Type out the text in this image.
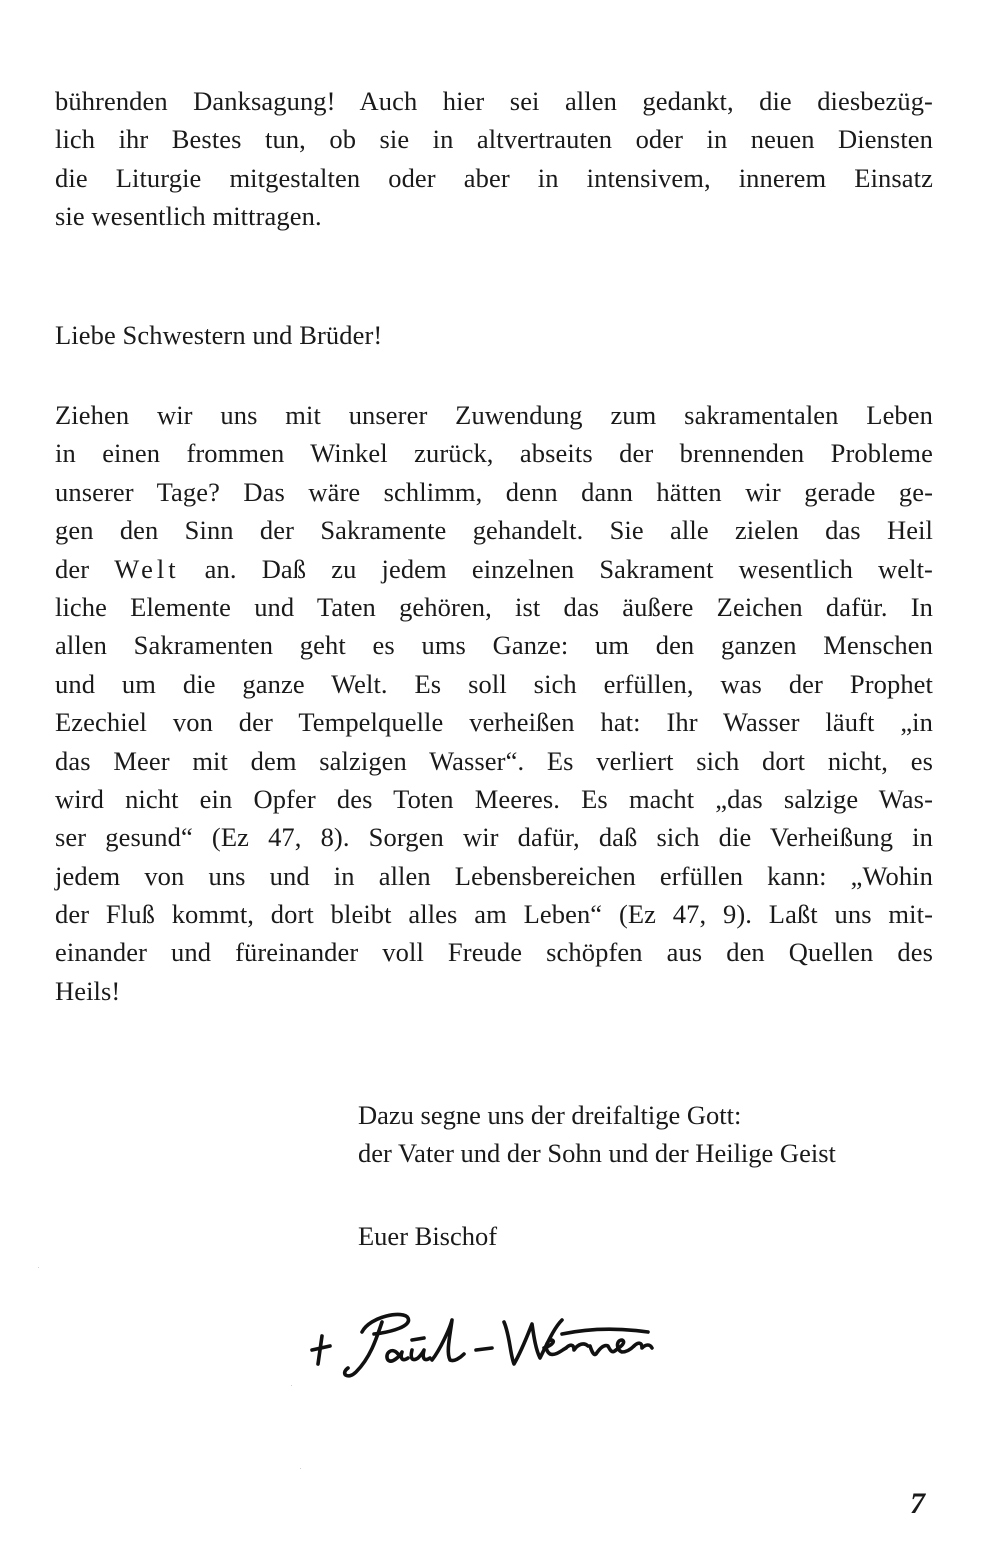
bührenden Danksagung! Auch hier sei allen gedankt, die diesbezüg-
lich ihr Bestes tun, ob sie in altvertrauten oder in neuen Diensten
die Liturgie mitgestalten oder aber in intensivem, innerem Einsatz
sie wesentlich mittragen.
Liebe Schwestern und Brüder!
Ziehen wir uns mit unserer Zuwendung zum sakramentalen Leben
in einen frommen Winkel zurück, abseits der brennenden Probleme
unserer Tage? Das wäre schlimm, denn dann hätten wir gerade ge-
gen den Sinn der Sakramente gehandelt. Sie alle zielen das Heil
der Welt an. Daß zu jedem einzelnen Sakrament wesentlich welt-
liche Elemente und Taten gehören, ist das äußere Zeichen dafür. In
allen Sakramenten geht es ums Ganze: um den ganzen Menschen
und um die ganze Welt. Es soll sich erfüllen, was der Prophet
Ezechiel von der Tempelquelle verheißen hat: Ihr Wasser läuft „in
das Meer mit dem salzigen Wasser“. Es verliert sich dort nicht, es
wird nicht ein Opfer des Toten Meeres. Es macht „das salzige Was-
ser gesund“ (Ez 47, 8). Sorgen wir dafür, daß sich die Verheißung in
jedem von uns und in allen Lebensbereichen erfüllen kann: „Wohin
der Fluß kommt, dort bleibt alles am Leben“ (Ez 47, 9). Laßt uns mit-
einander und füreinander voll Freude schöpfen aus den Quellen des
Heils!
Dazu segne uns der dreifaltige Gott:
der Vater und der Sohn und der Heilige Geist
Euer Bischof
7
